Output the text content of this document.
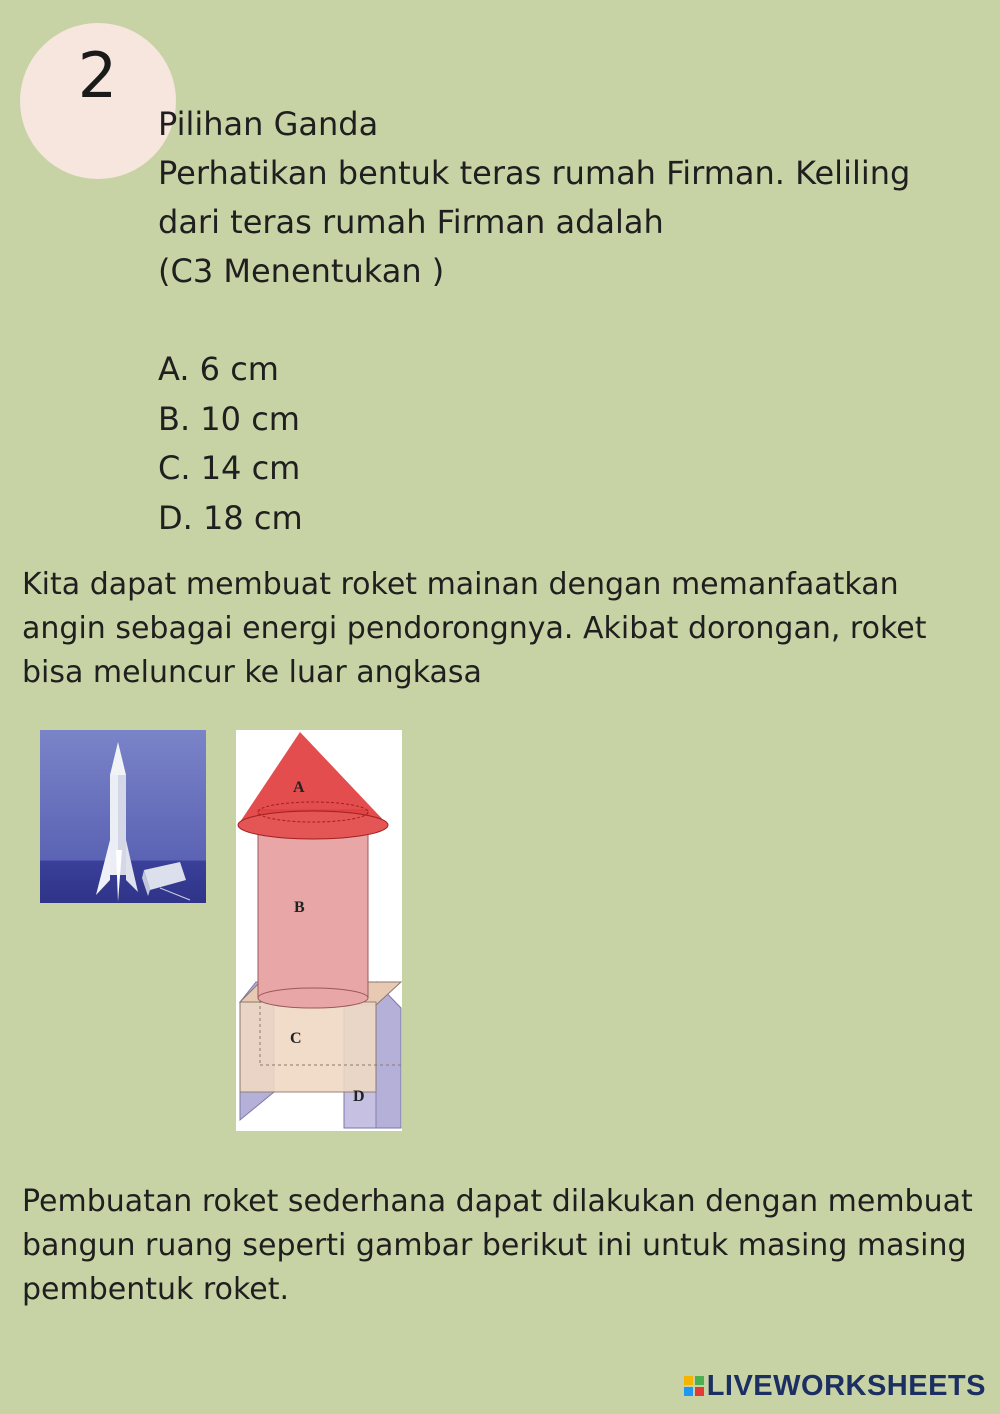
2
Pilihan Ganda
Perhatikan bentuk teras rumah Firman. Keliling
dari teras rumah Firman adalah
(C3 Menentukan )
A. 6 cm
B. 10 cm
C. 14 cm
D. 18 cm
Kita dapat membuat roket mainan dengan memanfaatkan angin sebagai energi pendorongnya. Akibat dorongan, roket bisa meluncur ke luar angkasa
A
B
C
D
Pembuatan roket sederhana dapat dilakukan dengan membuat bangun ruang seperti gambar berikut ini untuk masing masing pembentuk roket.
LIVEWORKSHEETS
